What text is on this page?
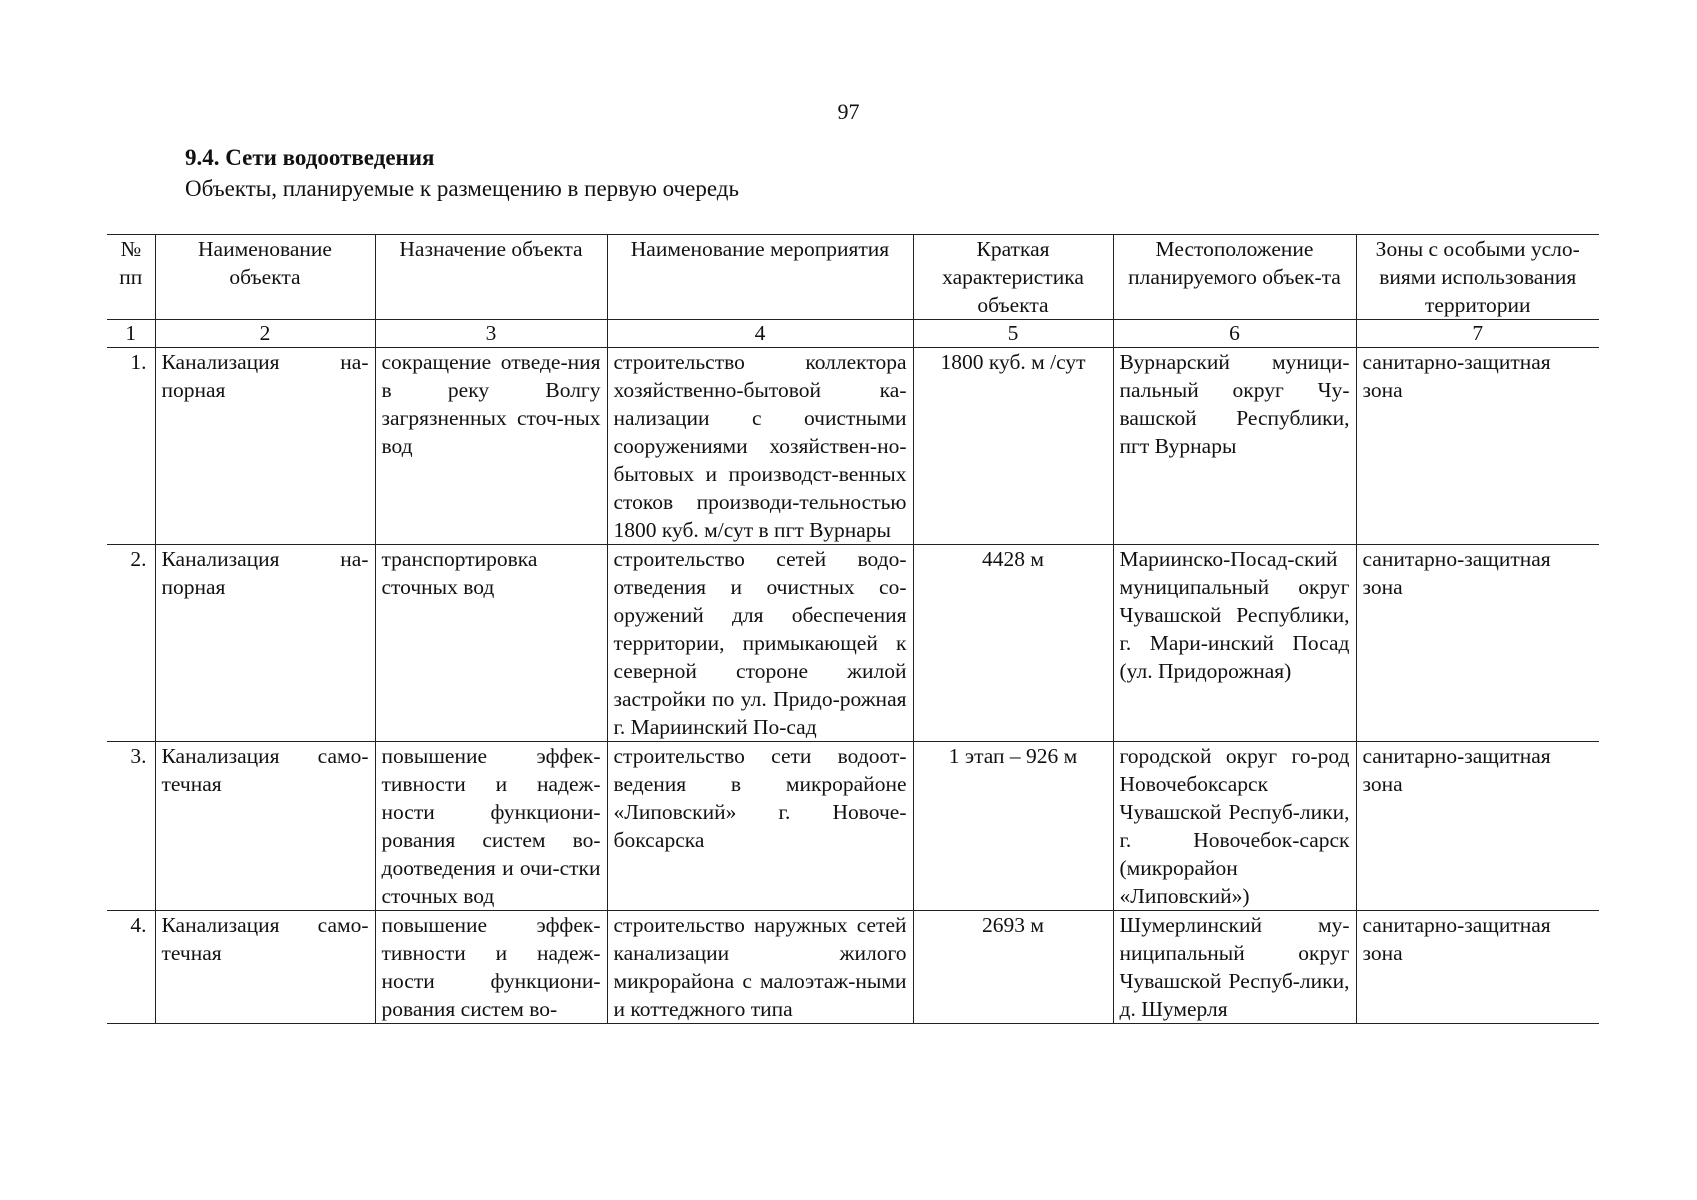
97
9.4. Сети водоотведения
Объекты, планируемые к размещению в первую очередь
№ пп	Наименование объекта	Назначение объекта	Наименование мероприятия	Краткая характеристика объекта	Местоположение планируемого объек-та	Зоны с особыми усло-виями использования территории
1	2	3	4	5	6	7
1.	Канализация на-порная	сокращение отведе-ния в реку Волгу загрязненных сточ-ных вод	строительство коллектора хозяйственно-бытовой ка-нализации с очистными сооружениями хозяйствен-но-бытовых и производст-венных стоков производи-тельностью 1800 куб. м/сут в пгт Вурнары	1800 куб. м /сут	Вурнарский муници-пальный округ Чу-вашской Республики, пгт Вурнары	санитарно-защитная зона
2.	Канализация на-порная	транспортировка сточных вод	строительство сетей водо-отведения и очистных со-оружений для обеспечения территории, примыкающей к северной стороне жилой застройки по ул. Придо-рожная г. Мариинский По-сад	4428 м	Мариинско-Посад-ский муниципальный округ Чувашской Республики, г. Мари-инский Посад (ул. Придорожная)	санитарно-защитная зона
3.	Канализация само-течная	повышение эффек-тивности и надеж-ности функциони-рования систем во-доотведения и очи-стки сточных вод	строительство сети водоот-ведения в микрорайоне «Липовский» г. Новоче-боксарска	1 этап – 926 м	городской округ го-род Новочебоксарск Чувашской Респуб-лики, г. Новочебок-сарск (микрорайон «Липовский»)	санитарно-защитная зона
4.	Канализация само-течная	повышение эффек-тивности и надеж-ности функциони-рования систем во-	строительство наружных сетей канализации жилого микрорайона с малоэтаж-ными и коттеджного типа	2693 м	Шумерлинский му-ниципальный округ Чувашской Респуб-лики, д. Шумерля	санитарно-защитная зона
